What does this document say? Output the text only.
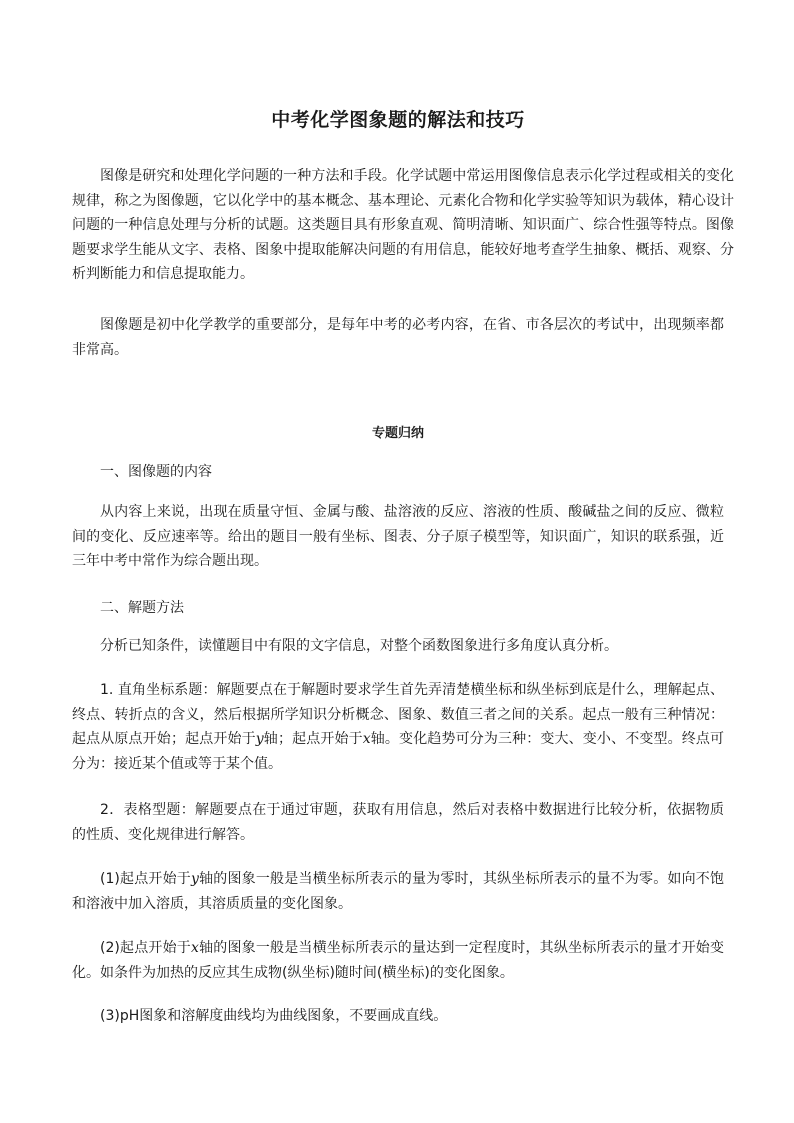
中考化学图象题的解法和技巧

图像是研究和处理化学问题的一种方法和手段。化学试题中常运用图像信息表示化学过程或相关的变化规律，称之为图像题，它以化学中的基本概念、基本理论、元素化合物和化学实验等知识为载体，精心设计问题的一种信息处理与分析的试题。这类题目具有形象直观、简明清晰、知识面广、综合性强等特点。图像题要求学生能从文字、表格、图象中提取能解决问题的有用信息，能较好地考查学生抽象、概括、观察、分析判断能力和信息提取能力。

图像题是初中化学教学的重要部分，是每年中考的必考内容，在省、市各层次的考试中，出现频率都非常高。

专题归纳
一、图像题的内容

从内容上来说，出现在质量守恒、金属与酸、盐溶液的反应、溶液的性质、酸碱盐之间的反应、微粒间的变化、反应速率等。给出的题目一般有坐标、图表、分子原子模型等，知识面广，知识的联系强，近三年中考中常作为综合题出现。

二、解题方法

分析已知条件，读懂题目中有限的文字信息，对整个函数图象进行多角度认真分析。

1. 直角坐标系题：解题要点在于解题时要求学生首先弄清楚横坐标和纵坐标到底是什么，理解起点、终点、转折点的含义，然后根据所学知识分析概念、图象、数值三者之间的关系。起点一般有三种情况：起点从原点开始；起点开始于y轴；起点开始于x轴。变化趋势可分为三种：变大、变小、不变型。终点可分为：接近某个值或等于某个值。

2．表格型题：解题要点在于通过审题，获取有用信息，然后对表格中数据进行比较分析，依据物质的性质、变化规律进行解答。

(1)起点开始于y轴的图象一般是当横坐标所表示的量为零时，其纵坐标所表示的量不为零。如向不饱和溶液中加入溶质，其溶质质量的变化图象。

(2)起点开始于x轴的图象一般是当横坐标所表示的量达到一定程度时，其纵坐标所表示的量才开始变化。如条件为加热的反应其生成物(纵坐标)随时间(横坐标)的变化图象。

(3)pH图象和溶解度曲线均为曲线图象，不要画成直线。
